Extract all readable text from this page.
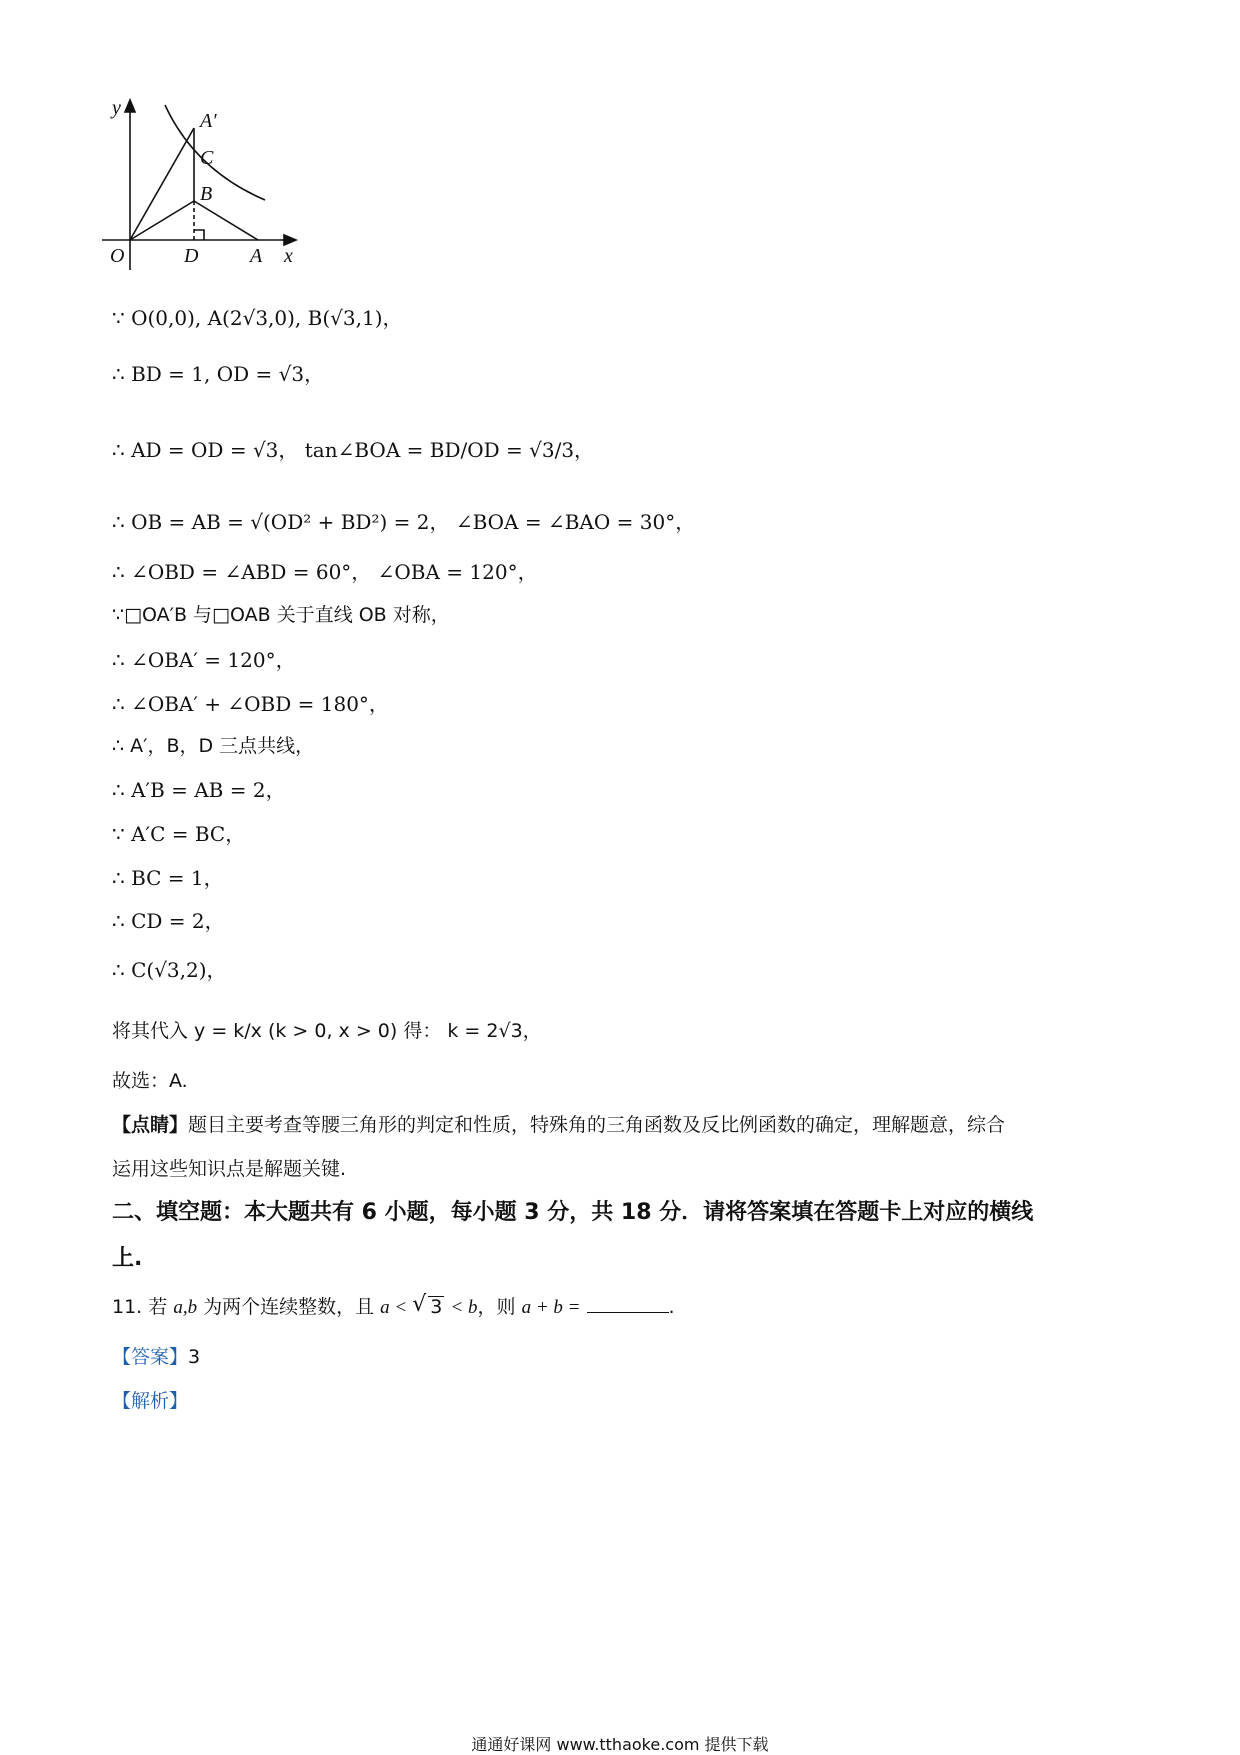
y
x
O	D	A
B
C
A′

∵ O(0,0), A(2√3,0), B(√3,1)，

∴ BD = 1, OD = √3，

∴ AD = OD = √3， tan∠BOA = BD/OD = √3/3，

∴ OB = AB = √(OD² + BD²) = 2， ∠BOA = ∠BAO = 30°，

∴ ∠OBD = ∠ABD = 60°， ∠OBA = 120°，

∵□OA′B 与□OAB 关于直线 OB 对称，

∴ ∠OBA′ = 120°，

∴ ∠OBA′ + ∠OBD = 180°，

∴ A′，B，D 三点共线，

∴ A′B = AB = 2，

∵ A′C = BC，

∴ BC = 1，

∴ CD = 2，

∴ C(√3,2)，

将其代入 y = k/x (k > 0, x > 0) 得： k = 2√3，

故选：A.

【点睛】题目主要考查等腰三角形的判定和性质，特殊角的三角函数及反比例函数的确定，理解题意，综合

运用这些知识点是解题关键.

二、填空题：本大题共有 6 小题，每小题 3 分，共 18 分．请将答案填在答题卡上对应的横线

上.

11. 若 a,b 为两个连续整数，且 a < √ 3 < b，则 a + b =	.

【答案】3

【解析】

通通好课网 www.tthaoke.com 提供下载
